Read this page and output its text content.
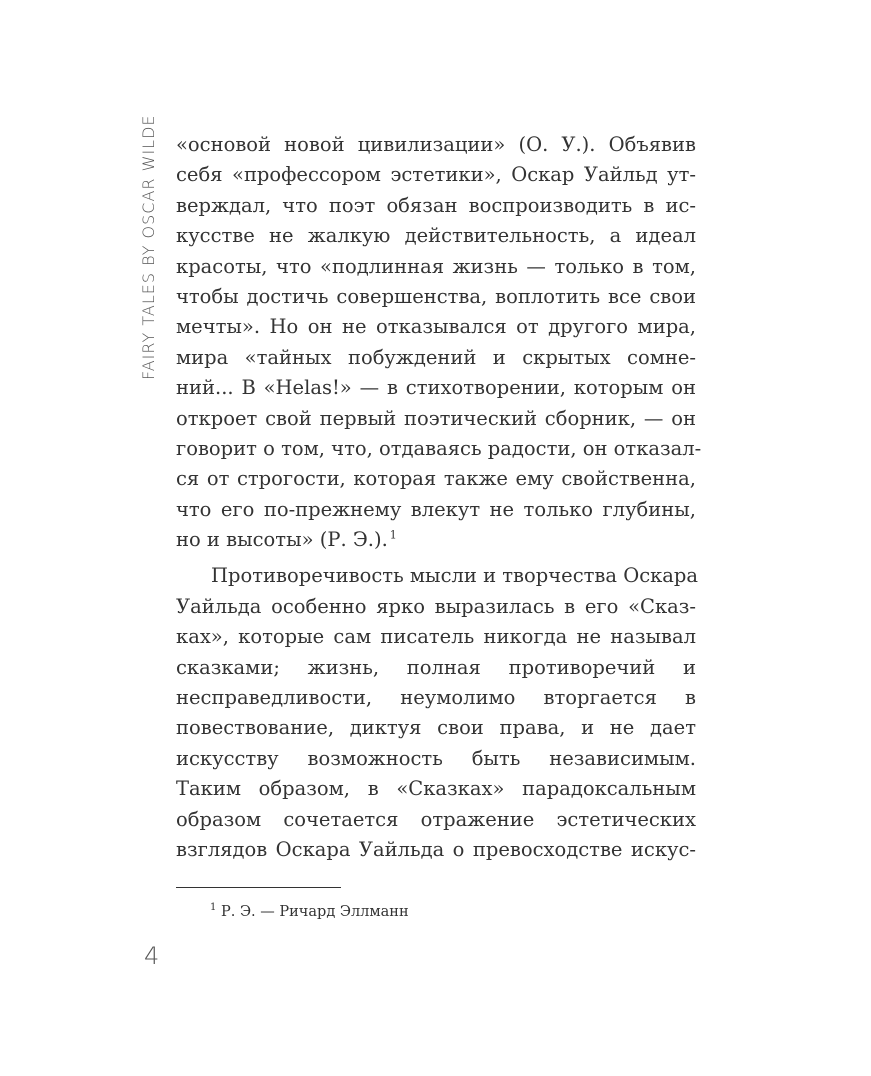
FAIRY TALES BY OSCAR WILDE «основой новой цивилизации» (О. У.). Объявив
себя «профессором эстетики», Оскар Уайльд ут-
верждал, что поэт обязан воспроизводить в ис-
кусстве не жалкую действительность, а идеал
красоты, что «подлинная жизнь — только в том,
чтобы достичь совершенства, воплотить все свои
мечты». Но он не отказывался от другого мира,
мира «тайных побуждений и скрытых сомне-
ний... В «Helas!» — в стихотворении, которым он
откроет свой первый поэтический сборник, — он
говорит о том, что, отдаваясь радости, он отказал-
ся от строгости, которая также ему свойственна,
что его по-прежнему влекут не только глубины,
но и высоты» (Р. Э.).  $^1$
Противоречивость мысли и творчества Оскара
Уайльда особенно ярко выразилась в его «Сказ-
ках», которые сам писатель никогда не называл
сказками; жизнь, полная противоречий и
несправедливости, неумолимо вторгается в
повествование, диктуя свои права, и не дает
искусству возможность быть независимым.
Таким образом, в «Сказках» парадоксальным
образом сочетается отражение эстетических
взглядов Оскара Уайльда о превосходстве искус-
$^1$ Р. Э. — Ричард Эллманн
4
